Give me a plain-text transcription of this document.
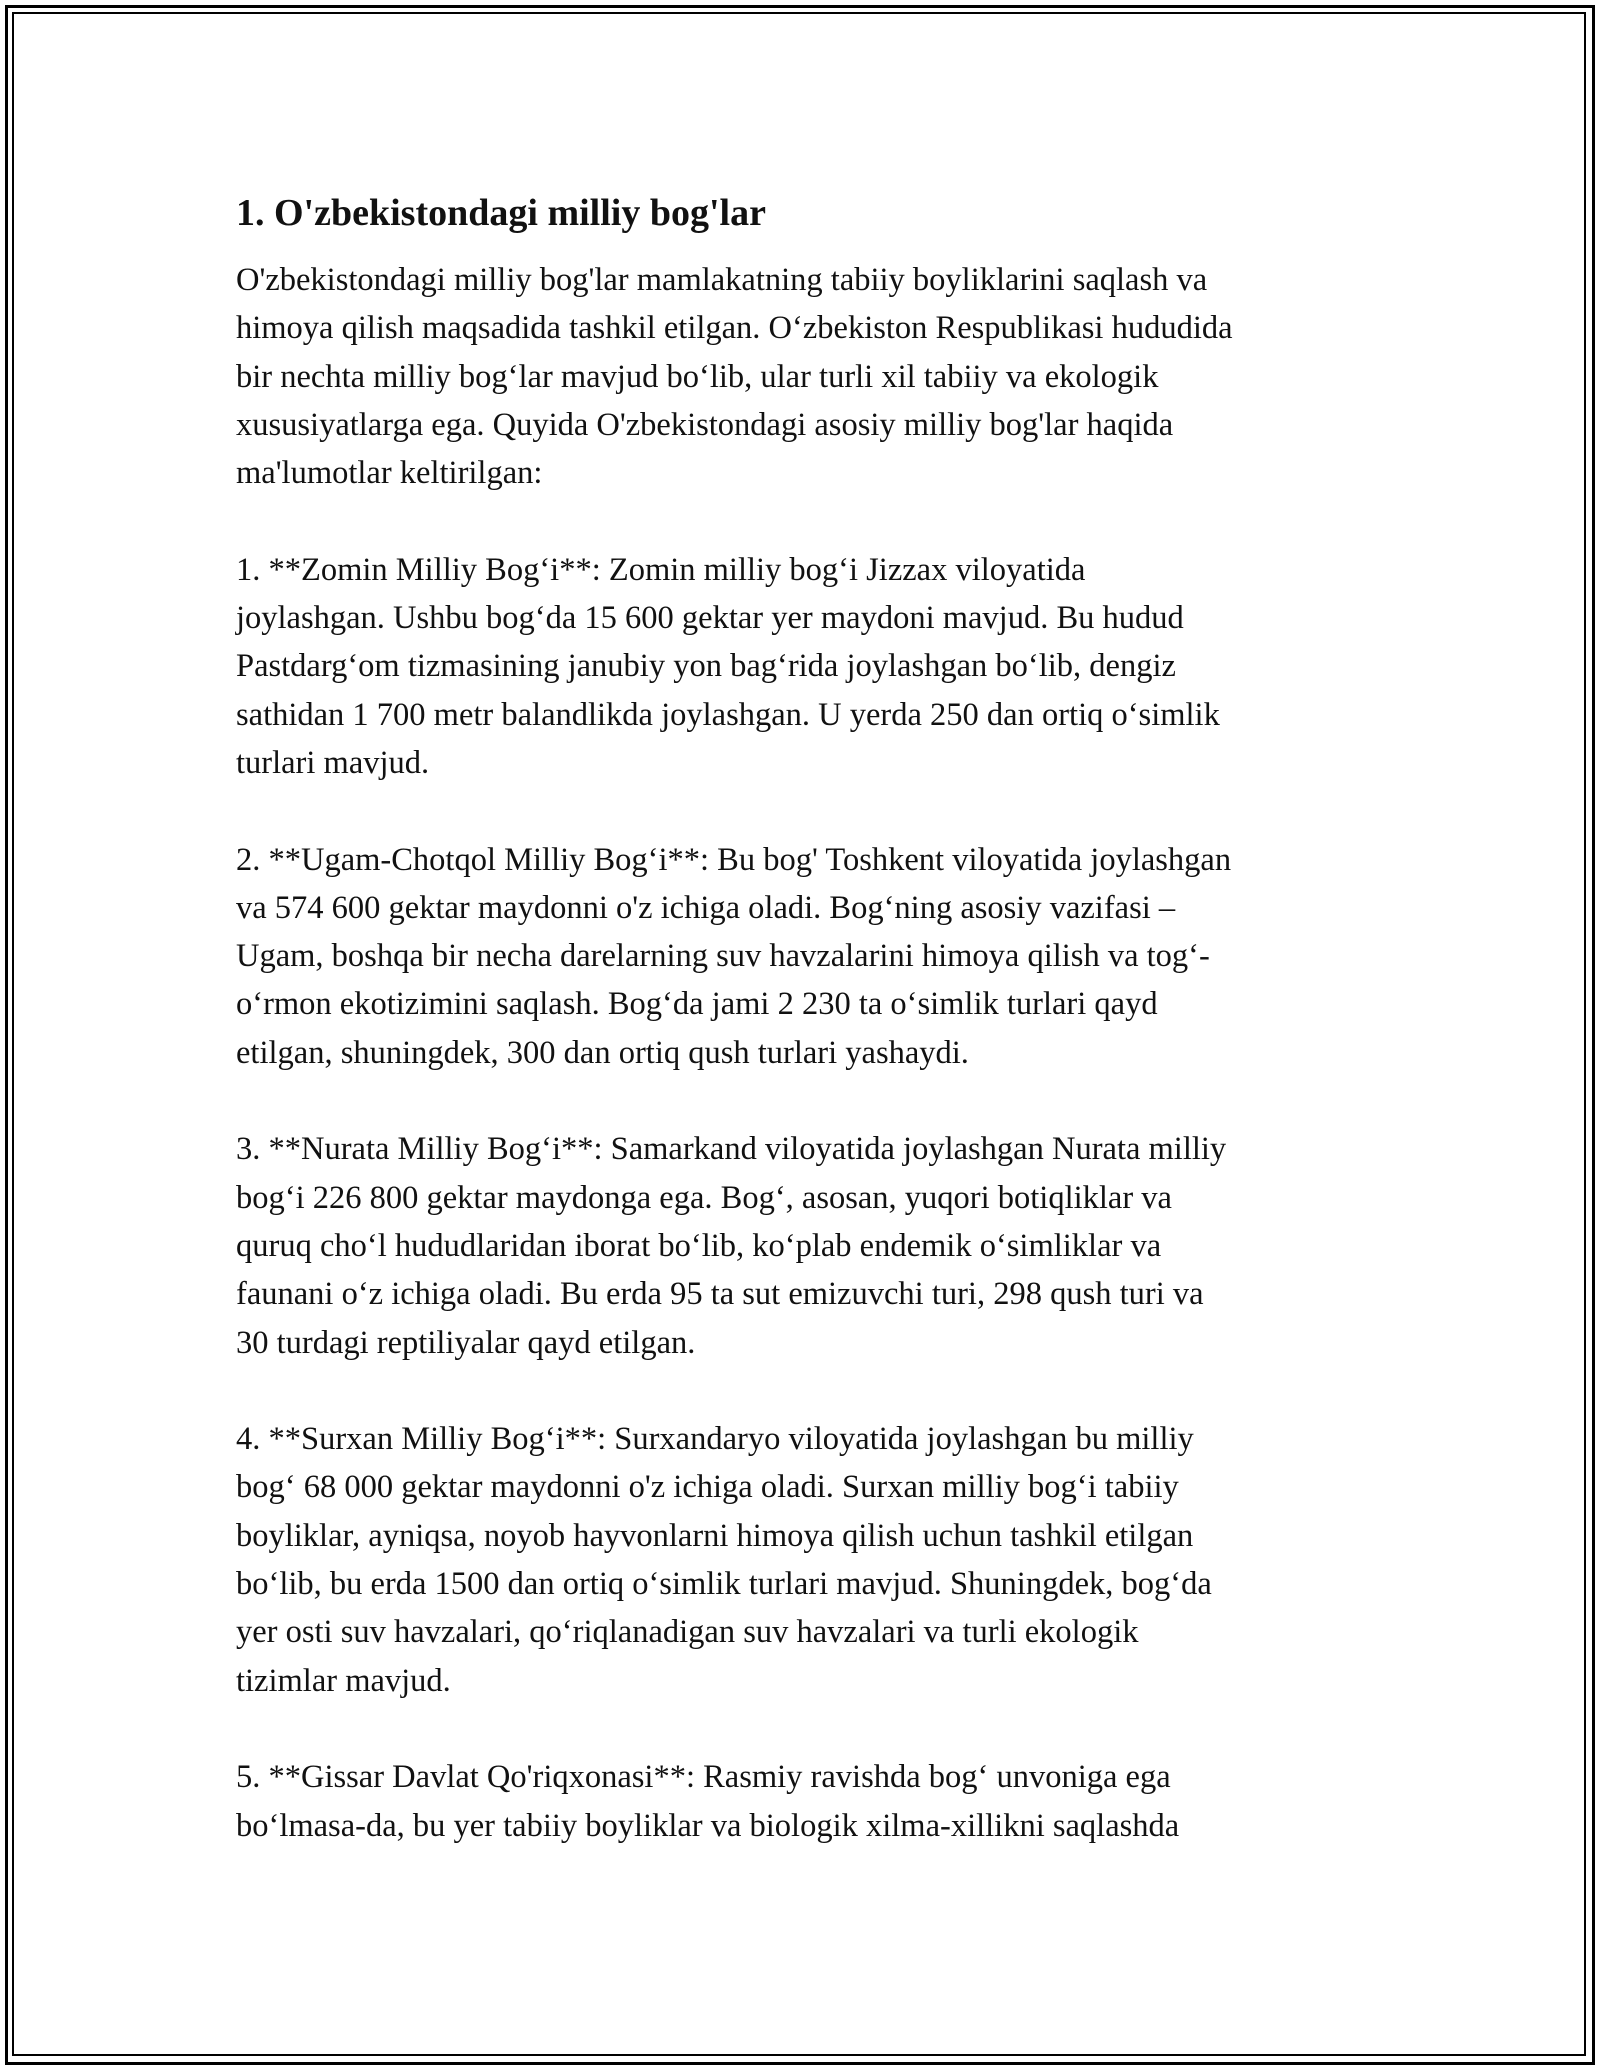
1. O'zbekistondagi milliy bog'lar

O'zbekistondagi milliy bog'lar mamlakatning tabiiy boyliklarini saqlash va
himoya qilish maqsadida tashkil etilgan. O‘zbekiston Respublikasi hududida
bir nechta milliy bog‘lar mavjud bo‘lib, ular turli xil tabiiy va ekologik
xususiyatlarga ega. Quyida O'zbekistondagi asosiy milliy bog'lar haqida
ma'lumotlar keltirilgan:

1. **Zomin Milliy Bog‘i**: Zomin milliy bog‘i Jizzax viloyatida
joylashgan. Ushbu bog‘da 15 600 gektar yer maydoni mavjud. Bu hudud
Pastdarg‘om tizmasining janubiy yon bag‘rida joylashgan bo‘lib, dengiz
sathidan 1 700 metr balandlikda joylashgan. U yerda 250 dan ortiq o‘simlik
turlari mavjud.

2. **Ugam-Chotqol Milliy Bog‘i**: Bu bog' Toshkent viloyatida joylashgan
va 574 600 gektar maydonni o'z ichiga oladi. Bog‘ning asosiy vazifasi –
Ugam, boshqa bir necha darelarning suv havzalarini himoya qilish va tog‘-
o‘rmon ekotizimini saqlash. Bog‘da jami 2 230 ta o‘simlik turlari qayd
etilgan, shuningdek, 300 dan ortiq qush turlari yashaydi.

3. **Nurata Milliy Bog‘i**: Samarkand viloyatida joylashgan Nurata milliy
bog‘i 226 800 gektar maydonga ega. Bog‘, asosan, yuqori botiqliklar va
quruq cho‘l hududlaridan iborat bo‘lib, ko‘plab endemik o‘simliklar va
faunani o‘z ichiga oladi. Bu erda 95 ta sut emizuvchi turi, 298 qush turi va
30 turdagi reptiliyalar qayd etilgan.

4. **Surxan Milliy Bog‘i**: Surxandaryo viloyatida joylashgan bu milliy
bog‘ 68 000 gektar maydonni o'z ichiga oladi. Surxan milliy bog‘i tabiiy
boyliklar, ayniqsa, noyob hayvonlarni himoya qilish uchun tashkil etilgan
bo‘lib, bu erda 1500 dan ortiq o‘simlik turlari mavjud. Shuningdek, bog‘da
yer osti suv havzalari, qo‘riqlanadigan suv havzalari va turli ekologik
tizimlar mavjud.

5. **Gissar Davlat Qo'riqxonasi**: Rasmiy ravishda bog‘ unvoniga ega
bo‘lmasa-da, bu yer tabiiy boyliklar va biologik xilma-xillikni saqlashda
